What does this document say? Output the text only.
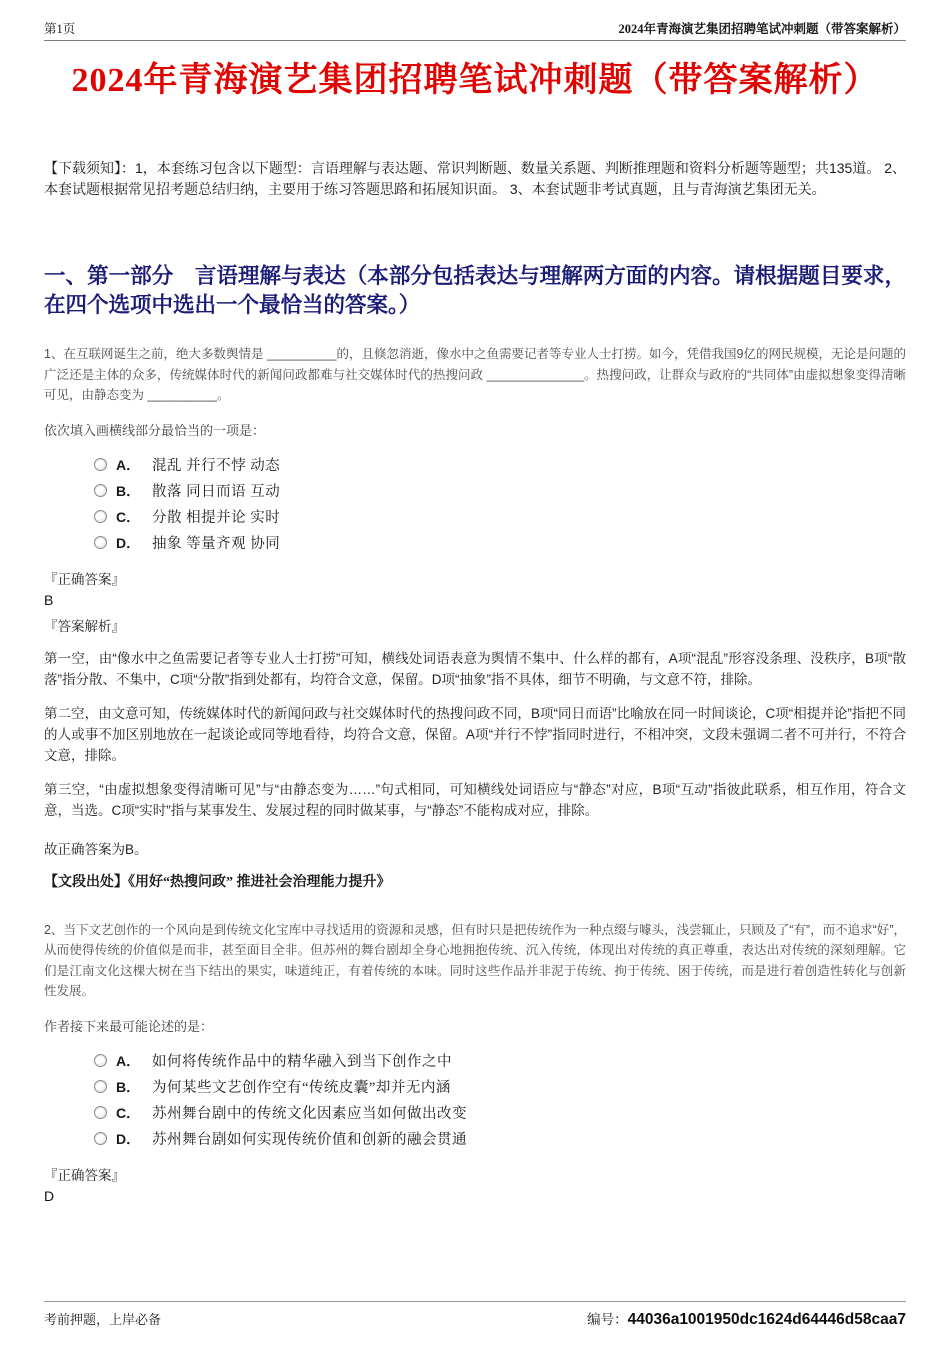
第1页	2024年青海演艺集团招聘笔试冲刺题（带答案解析）
2024年青海演艺集团招聘笔试冲刺题（带答案解析）

【下载须知】：1，本套练习包含以下题型：言语理解与表达题、常识判断题、数量关系题、判断推理题和资料分析题等题型；共135道。 2、本套试题根据常见招考题总结归纳，主要用于练习答题思路和拓展知识面。 3、本套试题非考试真题，且与青海演艺集团无关。

一、第一部分　言语理解与表达（本部分包括表达与理解两方面的内容。请根据题目要求，在四个选项中选出一个最恰当的答案。）

1、在互联网诞生之前，绝大多数舆情是 __________的，且倏忽消逝，像水中之鱼需要记者等专业人士打捞。如今，凭借我国9亿的网民规模，无论是问题的广泛还是主体的众多，传统媒体时代的新闻问政都难与社交媒体时代的热搜问政 ______________。热搜问政，让群众与政府的“共同体”由虚拟想象变得清晰可见，由静态变为 __________。

依次填入画横线部分最恰当的一项是：

A． 混乱 并行不悖 动态
B． 散落 同日而语 互动
C． 分散 相提并论 实时
D． 抽象 等量齐观 协同

『正确答案』

B

『答案解析』

第一空，由“像水中之鱼需要记者等专业人士打捞”可知，横线处词语表意为舆情不集中、什么样的都有，A项“混乱”形容没条理、没秩序，B项“散落”指分散、不集中，C项“分散”指到处都有，均符合文意，保留。D项“抽象”指不具体，细节不明确，与文意不符，排除。

第二空，由文意可知，传统媒体时代的新闻问政与社交媒体时代的热搜问政不同，B项“同日而语”比喻放在同一时间谈论，C项“相提并论”指把不同的人或事不加区别地放在一起谈论或同等地看待，均符合文意，保留。A项“并行不悖”指同时进行，不相冲突，文段未强调二者不可并行，不符合文意，排除。

第三空，“由虚拟想象变得清晰可见”与“由静态变为……”句式相同，可知横线处词语应与“静态”对应，B项“互动”指彼此联系，相互作用，符合文意，当选。C项“实时”指与某事发生、发展过程的同时做某事，与“静态”不能构成对应，排除。

故正确答案为B。

【文段出处】《用好“热搜问政” 推进社会治理能力提升》

2、当下文艺创作的一个风向是到传统文化宝库中寻找适用的资源和灵感，但有时只是把传统作为一种点缀与噱头，浅尝辄止，只顾及了“有”，而不追求“好”，从而使得传统的价值似是而非，甚至面目全非。但苏州的舞台剧却全身心地拥抱传统、沉入传统，体现出对传统的真正尊重，表达出对传统的深刻理解。它们是江南文化这棵大树在当下结出的果实，味道纯正，有着传统的本味。同时这些作品并非泥于传统、拘于传统、困于传统，而是进行着创造性转化与创新性发展。

作者接下来最可能论述的是：

A． 如何将传统作品中的精华融入到当下创作之中
B． 为何某些文艺创作空有“传统皮囊”却并无内涵
C． 苏州舞台剧中的传统文化因素应当如何做出改变
D． 苏州舞台剧如何实现传统价值和创新的融会贯通

『正确答案』

D

考前押题，上岸必备	编号：44036a1001950dc1624d64446d58caa7
